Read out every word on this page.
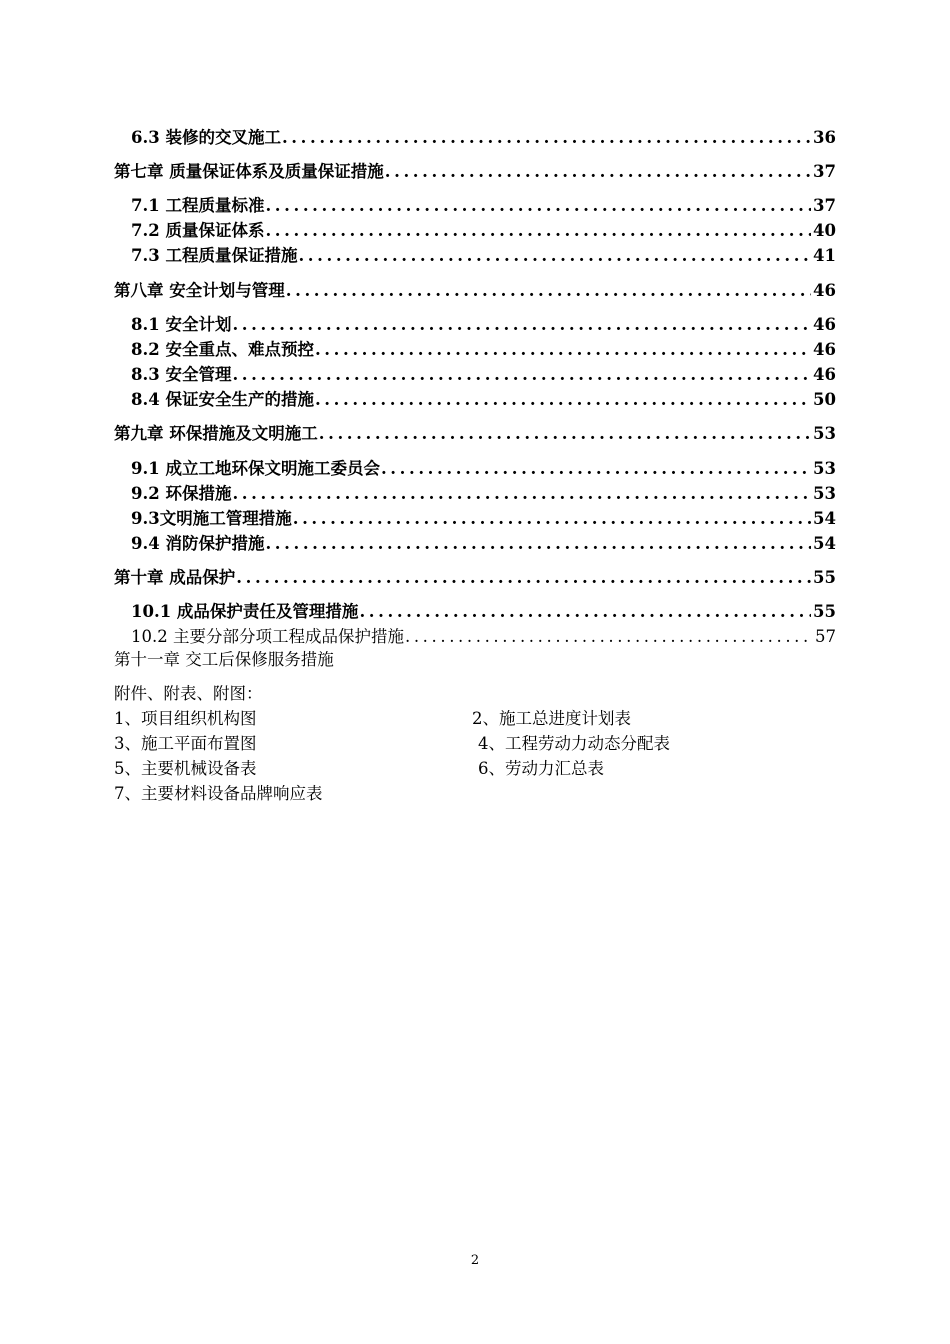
6.3 装修的交叉施工 .....	36
第七章 质量保证体系及质量保证措施 .....	37
7.1 工程质量标准 .....	37
7.2 质量保证体系 .....	40
7.3 工程质量保证措施 .....	41
第八章 安全计划与管理 .....	46
8.1 安全计划 .....	46
8.2 安全重点、难点预控 .....	46
8.3 安全管理 .....	46
8.4 保证安全生产的措施 .....	50
第九章 环保措施及文明施工 .....	53
9.1 成立工地环保文明施工委员会 .....	53
9.2 环保措施 .....	53
9.3文明施工管理措施 .....	54
9.4 消防保护措施 .....	54
第十章 成品保护 .....	55
10.1 成品保护责任及管理措施 .....	55
10.2 主要分部分项工程成品保护措施 .....	57
第十一章 交工后保修服务措施
附件、附表、附图：
1、项目组织机构图	2、施工总进度计划表
3、施工平面布置图	4、工程劳动力动态分配表
5、主要机械设备表	6、劳动力汇总表
7、主要材料设备品牌响应表
2
